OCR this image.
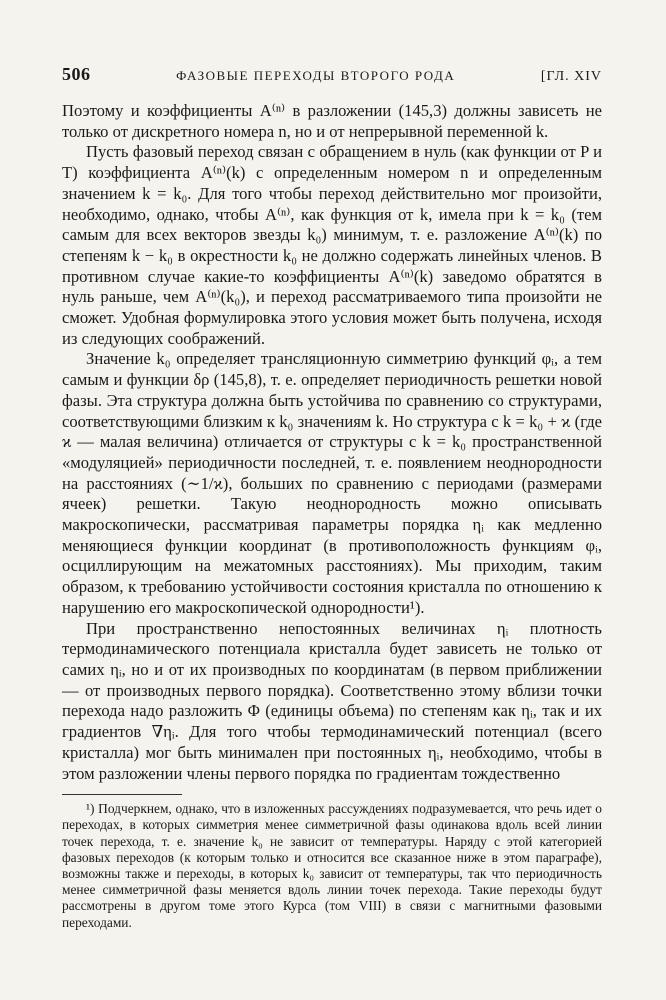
506	ФАЗОВЫЕ ПЕРЕХОДЫ ВТОРОГО РОДА	[ГЛ. XIV

Поэтому и коэффициенты A⁽ⁿ⁾ в разложении (145,3) должны зависеть не только от дискретного номера n, но и от непрерывной переменной k.

Пусть фазовый переход связан с обращением в нуль (как функции от P и T) коэффициента A⁽ⁿ⁾(k) с определенным номером n и определенным значением k = k₀. Для того чтобы переход действительно мог произойти, необходимо, однако, чтобы A⁽ⁿ⁾, как функция от k, имела при k = k₀ (тем самым для всех векторов звезды k₀) минимум, т. е. разложение A⁽ⁿ⁾(k) по степеням k − k₀ в окрестности k₀ не должно содержать линейных членов. В противном случае какие-то коэффициенты A⁽ⁿ⁾(k) заведомо обратятся в нуль раньше, чем A⁽ⁿ⁾(k₀), и переход рассматриваемого типа произойти не сможет. Удобная формулировка этого условия может быть получена, исходя из следующих соображений.

Значение k₀ определяет трансляционную симметрию функций φᵢ, а тем самым и функции δρ (145,8), т. е. определяет периодичность решетки новой фазы. Эта структура должна быть устойчива по сравнению со структурами, соответствующими близким к k₀ значениям k. Но структура с k = k₀ + ϰ (где ϰ — малая величина) отличается от структуры с k = k₀ пространственной «модуляцией» периодичности последней, т. е. появлением неоднородности на расстояниях (∼1/ϰ), больших по сравнению с периодами (размерами ячеек) решетки. Такую неоднородность можно описывать макроскопически, рассматривая параметры порядка ηᵢ как медленно меняющиеся функции координат (в противоположность функциям φᵢ, осциллирующим на межатомных расстояниях). Мы приходим, таким образом, к требованию устойчивости состояния кристалла по отношению к нарушению его макроскопической однородности¹).

При пространственно непостоянных величинах ηᵢ плотность термодинамического потенциала кристалла будет зависеть не только от самих ηᵢ, но и от их производных по координатам (в первом приближении — от производных первого порядка). Соответственно этому вблизи точки перехода надо разложить Φ (единицы объема) по степеням как ηᵢ, так и их градиентов ∇ηᵢ. Для того чтобы термодинамический потенциал (всего кристалла) мог быть минимален при постоянных ηᵢ, необходимо, чтобы в этом разложении члены первого порядка по градиентам тождественно

¹) Подчеркнем, однако, что в изложенных рассуждениях подразумевается, что речь идет о переходах, в которых симметрия менее симметричной фазы одинакова вдоль всей линии точек перехода, т. е. значение k₀ не зависит от температуры. Наряду с этой категорией фазовых переходов (к которым только и относится все сказанное ниже в этом параграфе), возможны также и переходы, в которых k₀ зависит от температуры, так что периодичность менее симметричной фазы меняется вдоль линии точек перехода. Такие переходы будут рассмотрены в другом томе этого Курса (том VIII) в связи с магнитными фазовыми переходами.
